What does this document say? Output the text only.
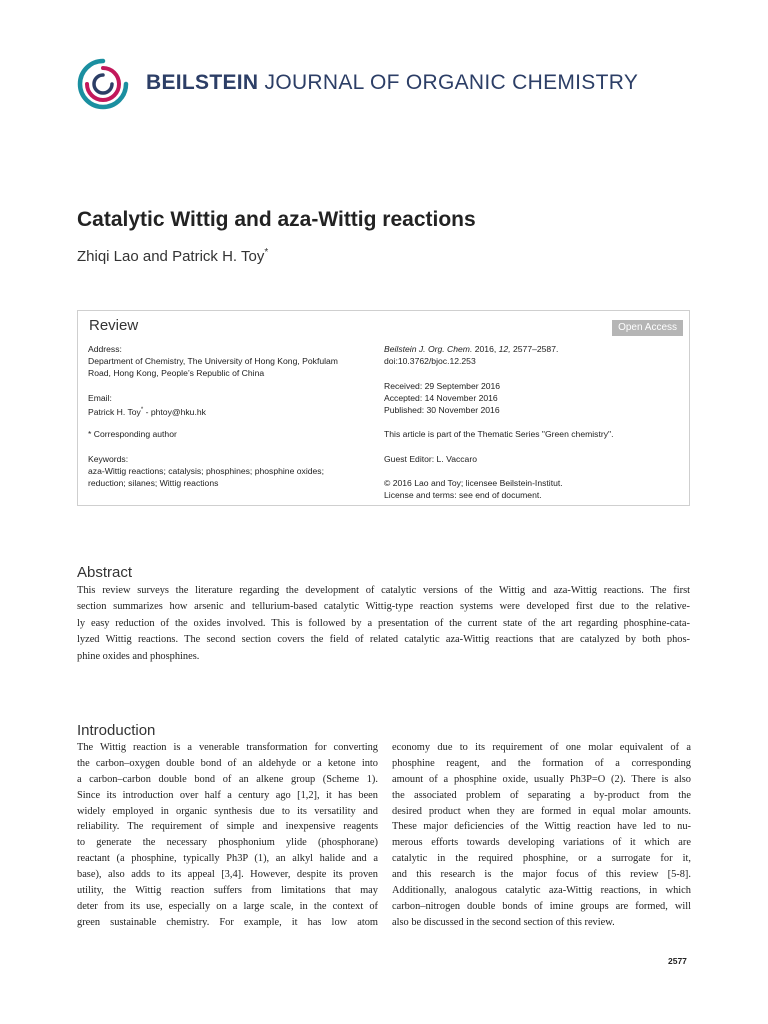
BEILSTEIN JOURNAL OF ORGANIC CHEMISTRY
Catalytic Wittig and aza-Wittig reactions
Zhiqi Lao and Patrick H. Toy*
Review	Open Access
Address:
Department of Chemistry, The University of Hong Kong, Pokfulam
Road, Hong Kong, People’s Republic of China
Email:
Patrick H. Toy* - phtoy@hku.hk
* Corresponding author
Keywords:
aza-Wittig reactions; catalysis; phosphines; phosphine oxides;
reduction; silanes; Wittig reactions
Beilstein J. Org. Chem. 2016, 12, 2577–2587.
doi:10.3762/bjoc.12.253
Received: 29 September 2016
Accepted: 14 November 2016
Published: 30 November 2016
This article is part of the Thematic Series "Green chemistry".
Guest Editor: L. Vaccaro
© 2016 Lao and Toy; licensee Beilstein-Institut.
License and terms: see end of document.
Abstract
This review surveys the literature regarding the development of catalytic versions of the Wittig and aza-Wittig reactions. The first
section summarizes how arsenic and tellurium-based catalytic Wittig-type reaction systems were developed first due to the relative-
ly easy reduction of the oxides involved. This is followed by a presentation of the current state of the art regarding phosphine-cata-
lyzed Wittig reactions. The second section covers the field of related catalytic aza-Wittig reactions that are catalyzed by both phos-
phine oxides and phosphines.
Introduction
The Wittig reaction is a venerable transformation for converting
the carbon–oxygen double bond of an aldehyde or a ketone into
a carbon–carbon double bond of an alkene group (Scheme 1).
Since its introduction over half a century ago [1,2], it has been
widely employed in organic synthesis due to its versatility and
reliability. The requirement of simple and inexpensive reagents
to generate the necessary phosphonium ylide (phosphorane)
reactant (a phosphine, typically Ph3P (1), an alkyl halide and a
base), also adds to its appeal [3,4]. However, despite its proven
utility, the Wittig reaction suffers from limitations that may
deter from its use, especially on a large scale, in the context of
green sustainable chemistry. For example, it has low atom
economy due to its requirement of one molar equivalent of a
phosphine reagent, and the formation of a corresponding
amount of a phosphine oxide, usually Ph3P=O (2). There is also
the associated problem of separating a by-product from the
desired product when they are formed in equal molar amounts.
These major deficiencies of the Wittig reaction have led to nu-
merous efforts towards developing variations of it which are
catalytic in the required phosphine, or a surrogate for it,
and this research is the major focus of this review [5-8].
Additionally, analogous catalytic aza-Wittig reactions, in which
carbon–nitrogen double bonds of imine groups are formed, will
also be discussed in the second section of this review.
2577
